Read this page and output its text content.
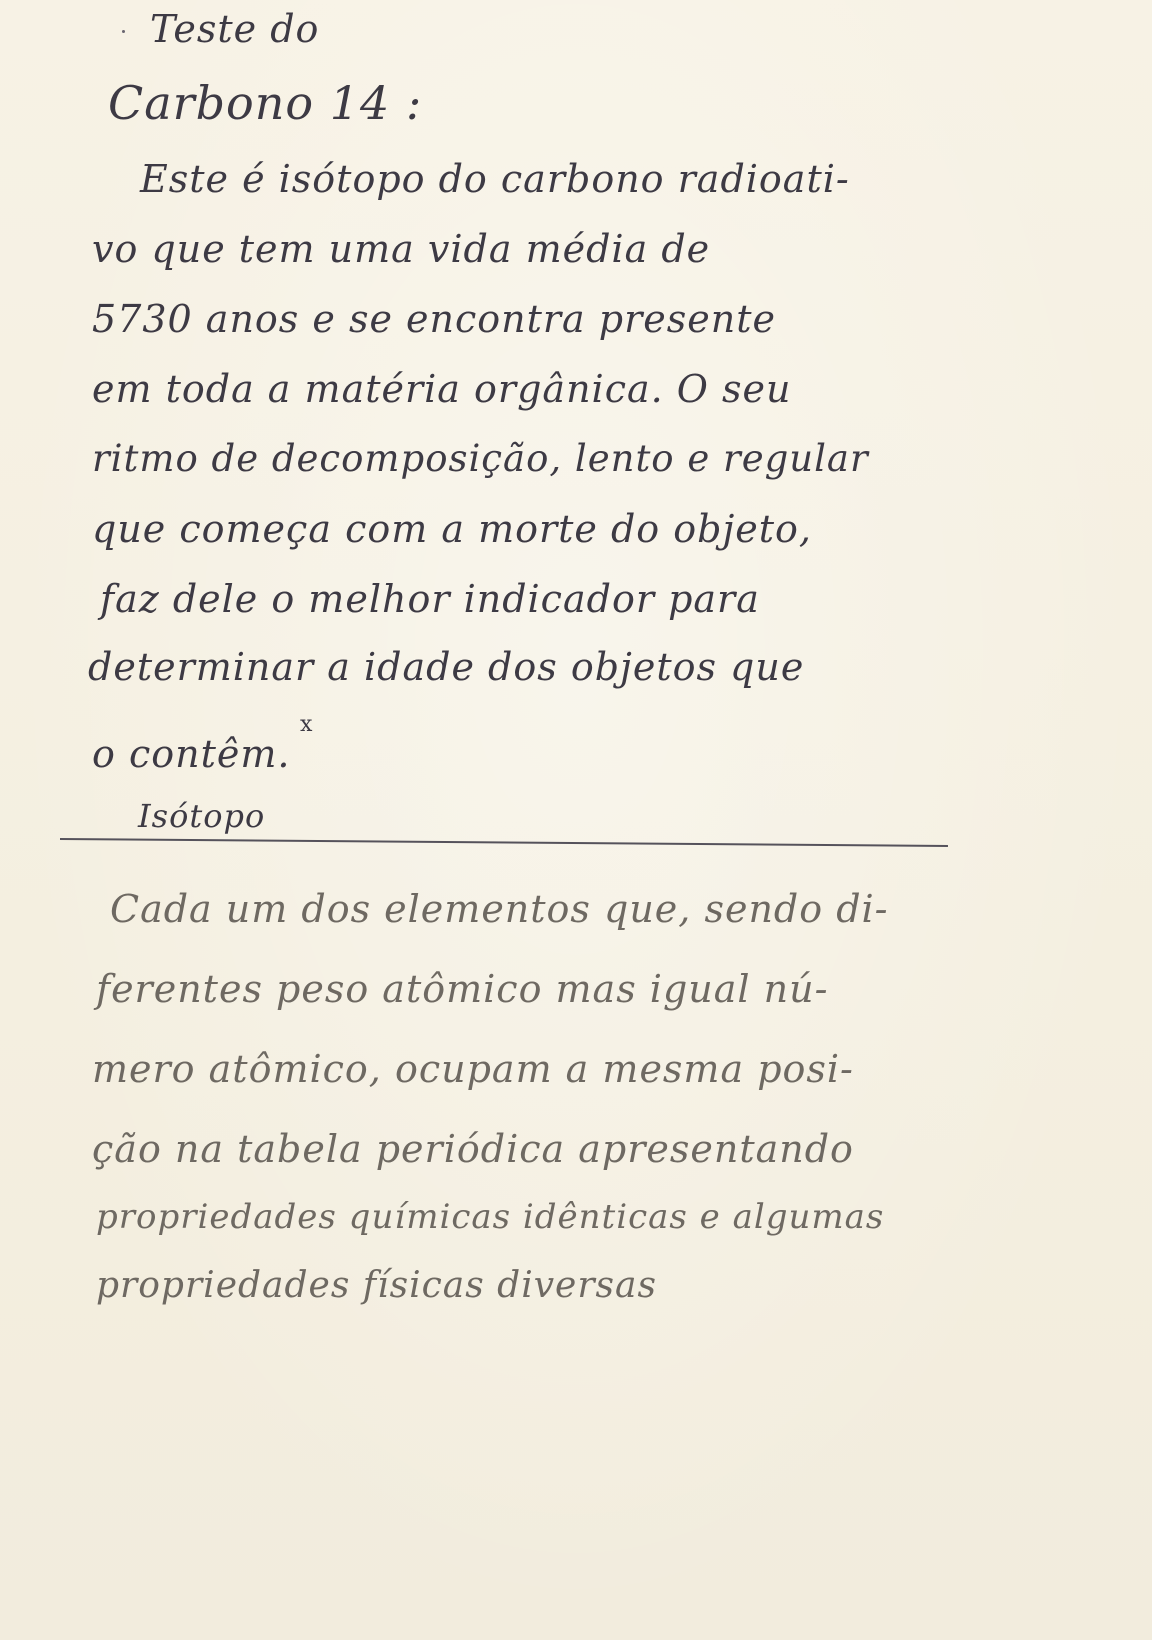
Teste do
Carbono 14 :
Este é isótopo do carbono radioati-
vo que tem uma vida média de
5730 anos e se encontra presente
em toda a matéria orgânica. O seu
ritmo de decomposição, lento e regular
que começa com a morte do objeto,
faz dele o melhor indicador para
determinar a idade dos objetos que
x
o contêm.
Isótopo
Cada um dos elementos que, sendo di-
ferentes peso atômico mas igual nú-
mero atômico, ocupam a mesma posi-
ção na tabela periódica apresentando
propriedades químicas idênticas e algumas
propriedades físicas diversas
